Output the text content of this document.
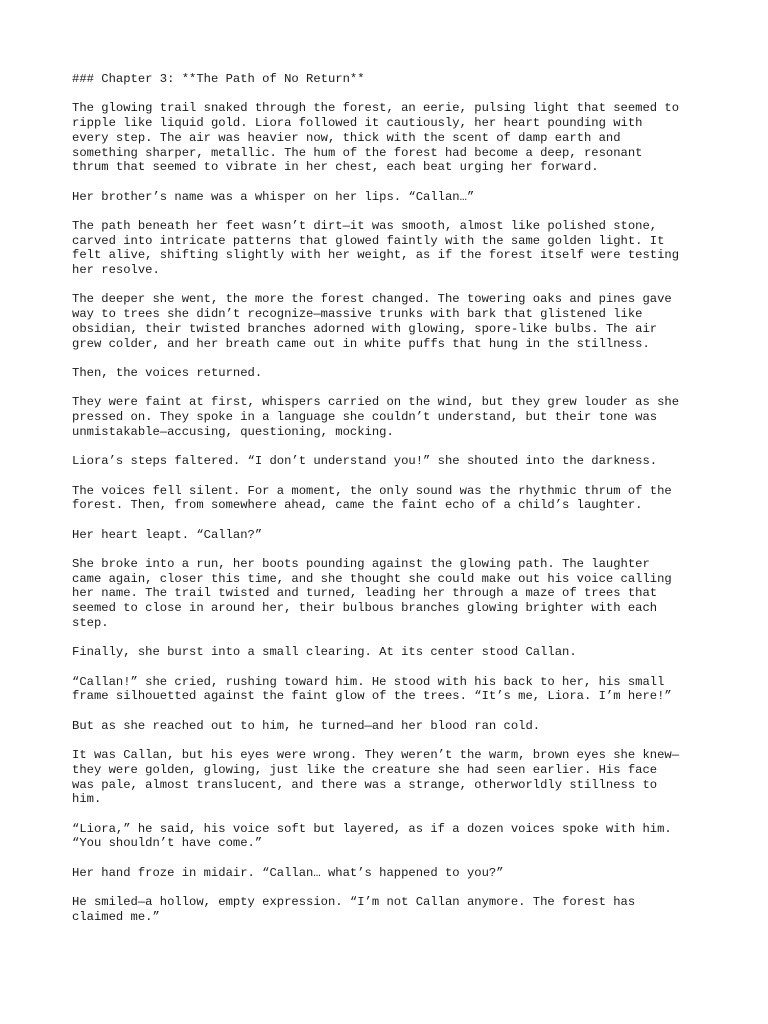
### Chapter 3: **The Path of No Return**

The glowing trail snaked through the forest, an eerie, pulsing light that seemed to
ripple like liquid gold. Liora followed it cautiously, her heart pounding with
every step. The air was heavier now, thick with the scent of damp earth and
something sharper, metallic. The hum of the forest had become a deep, resonant
thrum that seemed to vibrate in her chest, each beat urging her forward.

Her brother’s name was a whisper on her lips. “Callan…”

The path beneath her feet wasn’t dirt—it was smooth, almost like polished stone,
carved into intricate patterns that glowed faintly with the same golden light. It
felt alive, shifting slightly with her weight, as if the forest itself were testing
her resolve.

The deeper she went, the more the forest changed. The towering oaks and pines gave
way to trees she didn’t recognize—massive trunks with bark that glistened like
obsidian, their twisted branches adorned with glowing, spore-like bulbs. The air
grew colder, and her breath came out in white puffs that hung in the stillness.

Then, the voices returned.

They were faint at first, whispers carried on the wind, but they grew louder as she
pressed on. They spoke in a language she couldn’t understand, but their tone was
unmistakable—accusing, questioning, mocking.

Liora’s steps faltered. “I don’t understand you!” she shouted into the darkness.

The voices fell silent. For a moment, the only sound was the rhythmic thrum of the
forest. Then, from somewhere ahead, came the faint echo of a child’s laughter.

Her heart leapt. “Callan?”

She broke into a run, her boots pounding against the glowing path. The laughter
came again, closer this time, and she thought she could make out his voice calling
her name. The trail twisted and turned, leading her through a maze of trees that
seemed to close in around her, their bulbous branches glowing brighter with each
step.

Finally, she burst into a small clearing. At its center stood Callan.

“Callan!” she cried, rushing toward him. He stood with his back to her, his small
frame silhouetted against the faint glow of the trees. “It’s me, Liora. I’m here!”

But as she reached out to him, he turned—and her blood ran cold.

It was Callan, but his eyes were wrong. They weren’t the warm, brown eyes she knew—
they were golden, glowing, just like the creature she had seen earlier. His face
was pale, almost translucent, and there was a strange, otherworldly stillness to
him.

“Liora,” he said, his voice soft but layered, as if a dozen voices spoke with him.
“You shouldn’t have come.”

Her hand froze in midair. “Callan… what’s happened to you?”

He smiled—a hollow, empty expression. “I’m not Callan anymore. The forest has
claimed me.”
